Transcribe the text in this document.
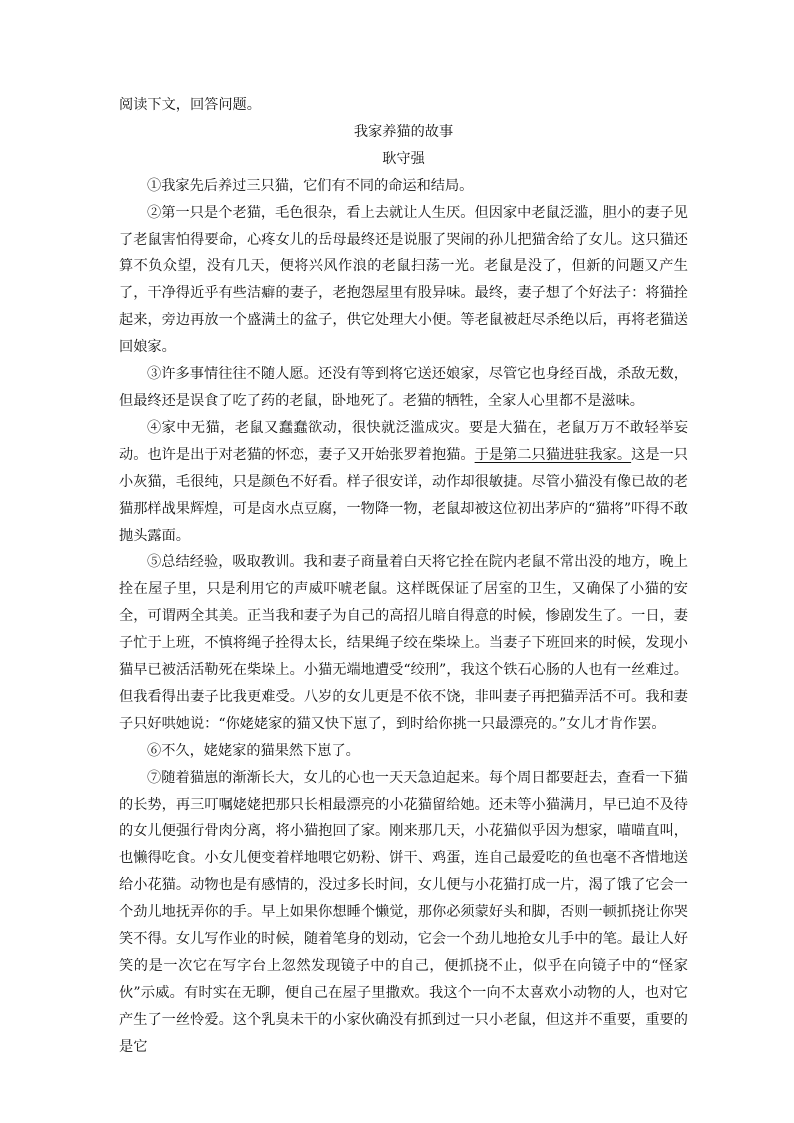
阅读下文，回答问题。

我家养猫的故事

耿守强

①我家先后养过三只猫，它们有不同的命运和结局。

②第一只是个老猫，毛色很杂，看上去就让人生厌。但因家中老鼠泛滥，胆小的妻子见了老鼠害怕得要命，心疼女儿的岳母最终还是说服了哭闹的孙儿把猫舍给了女儿。这只猫还算不负众望，没有几天，便将兴风作浪的老鼠扫荡一光。老鼠是没了，但新的问题又产生了，干净得近乎有些洁癖的妻子，老抱怨屋里有股异味。最终，妻子想了个好法子：将猫拴起来，旁边再放一个盛满土的盆子，供它处理大小便。等老鼠被赶尽杀绝以后，再将老猫送回娘家。

③许多事情往往不随人愿。还没有等到将它送还娘家，尽管它也身经百战，杀敌无数，但最终还是误食了吃了药的老鼠，卧地死了。老猫的牺牲，全家人心里都不是滋味。

④家中无猫，老鼠又蠢蠢欲动，很快就泛滥成灾。要是大猫在，老鼠万万不敢轻举妄动。也许是出于对老猫的怀恋，妻子又开始张罗着抱猫。于是第二只猫进驻我家。这是一只小灰猫，毛很纯，只是颜色不好看。样子很安详，动作却很敏捷。尽管小猫没有像已故的老猫那样战果辉煌，可是卤水点豆腐，一物降一物，老鼠却被这位初出茅庐的“猫将”吓得不敢抛头露面。

⑤总结经验，吸取教训。我和妻子商量着白天将它拴在院内老鼠不常出没的地方，晚上拴在屋子里，只是利用它的声威吓唬老鼠。这样既保证了居室的卫生，又确保了小猫的安全，可谓两全其美。正当我和妻子为自己的高招儿暗自得意的时候，惨剧发生了。一日，妻子忙于上班，不慎将绳子拴得太长，结果绳子绞在柴垛上。当妻子下班回来的时候，发现小猫早已被活活勒死在柴垛上。小猫无端地遭受“绞刑”，我这个铁石心肠的人也有一丝难过。但我看得出妻子比我更难受。八岁的女儿更是不依不饶，非叫妻子再把猫弄活不可。我和妻子只好哄她说：“你姥姥家的猫又快下崽了，到时给你挑一只最漂亮的。”女儿才肯作罢。

⑥不久，姥姥家的猫果然下崽了。

⑦随着猫崽的渐渐长大，女儿的心也一天天急迫起来。每个周日都要赶去，查看一下猫的长势，再三叮嘱姥姥把那只长相最漂亮的小花猫留给她。还未等小猫满月，早已迫不及待的女儿便强行骨肉分离，将小猫抱回了家。刚来那几天，小花猫似乎因为想家，喵喵直叫，也懒得吃食。小女儿便变着样地喂它奶粉、饼干、鸡蛋，连自己最爱吃的鱼也毫不吝惜地送给小花猫。动物也是有感情的，没过多长时间，女儿便与小花猫打成一片，渴了饿了它会一个劲儿地抚弄你的手。早上如果你想睡个懒觉，那你必须蒙好头和脚，否则一顿抓挠让你哭笑不得。女儿写作业的时候，随着笔身的划动，它会一个劲儿地抢女儿手中的笔。最让人好笑的是一次它在写字台上忽然发现镜子中的自己，便抓挠不止，似乎在向镜子中的“怪家伙”示威。有时实在无聊，便自己在屋子里撒欢。我这个一向不太喜欢小动物的人，也对它产生了一丝怜爱。这个乳臭未干的小家伙确没有抓到过一只小老鼠，但这并不重要，重要的是它
